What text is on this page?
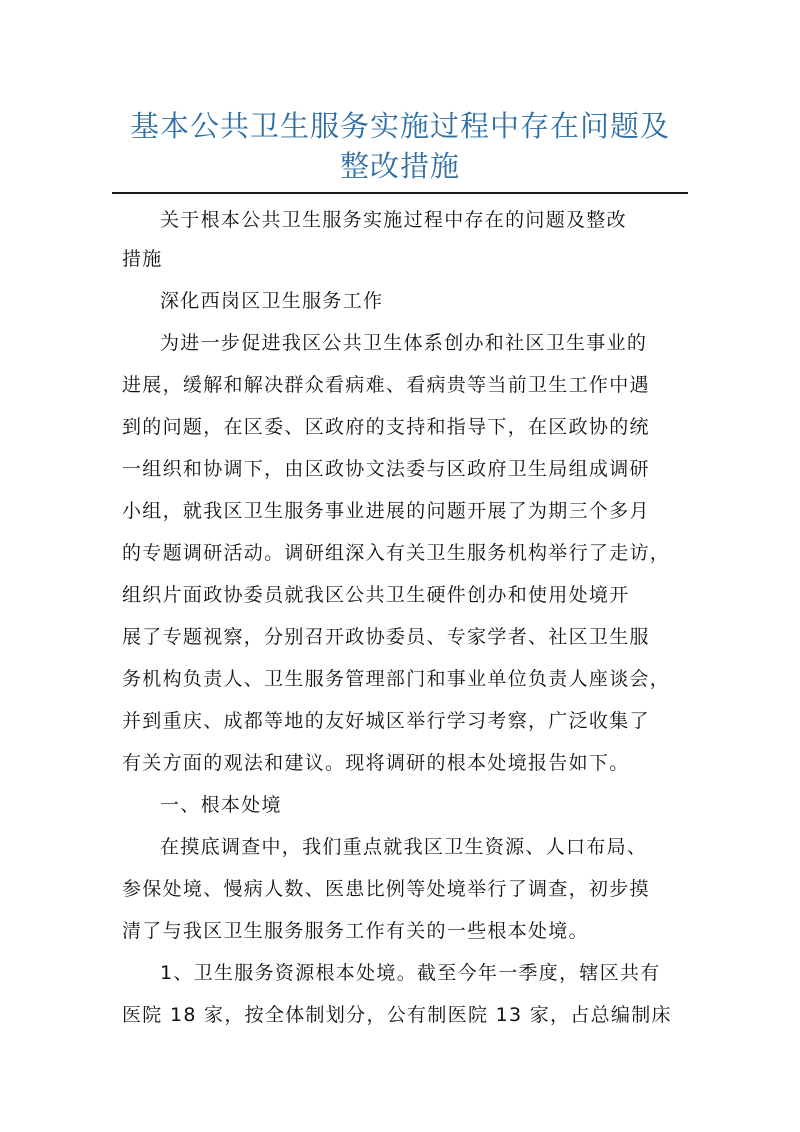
基本公共卫生服务实施过程中存在问题及
整改措施
关于根本公共卫生服务实施过程中存在的问题及整改
措施
深化西岗区卫生服务工作
为进一步促进我区公共卫生体系创办和社区卫生事业的
进展，缓解和解决群众看病难、看病贵等当前卫生工作中遇
到的问题，在区委、区政府的支持和指导下，在区政协的统
一组织和协调下，由区政协文法委与区政府卫生局组成调研
小组，就我区卫生服务事业进展的问题开展了为期三个多月
的专题调研活动。调研组深入有关卫生服务机构举行了走访，
组织片面政协委员就我区公共卫生硬件创办和使用处境开
展了专题视察，分别召开政协委员、专家学者、社区卫生服
务机构负责人、卫生服务管理部门和事业单位负责人座谈会，
并到重庆、成都等地的友好城区举行学习考察，广泛收集了
有关方面的观法和建议。现将调研的根本处境报告如下。
一、根本处境
在摸底调查中，我们重点就我区卫生资源、人口布局、
参保处境、慢病人数、医患比例等处境举行了调查，初步摸
清了与我区卫生服务服务工作有关的一些根本处境。
1、卫生服务资源根本处境。截至今年一季度，辖区共有
医院 18 家，按全体制划分，公有制医院 13 家，占总编制床
